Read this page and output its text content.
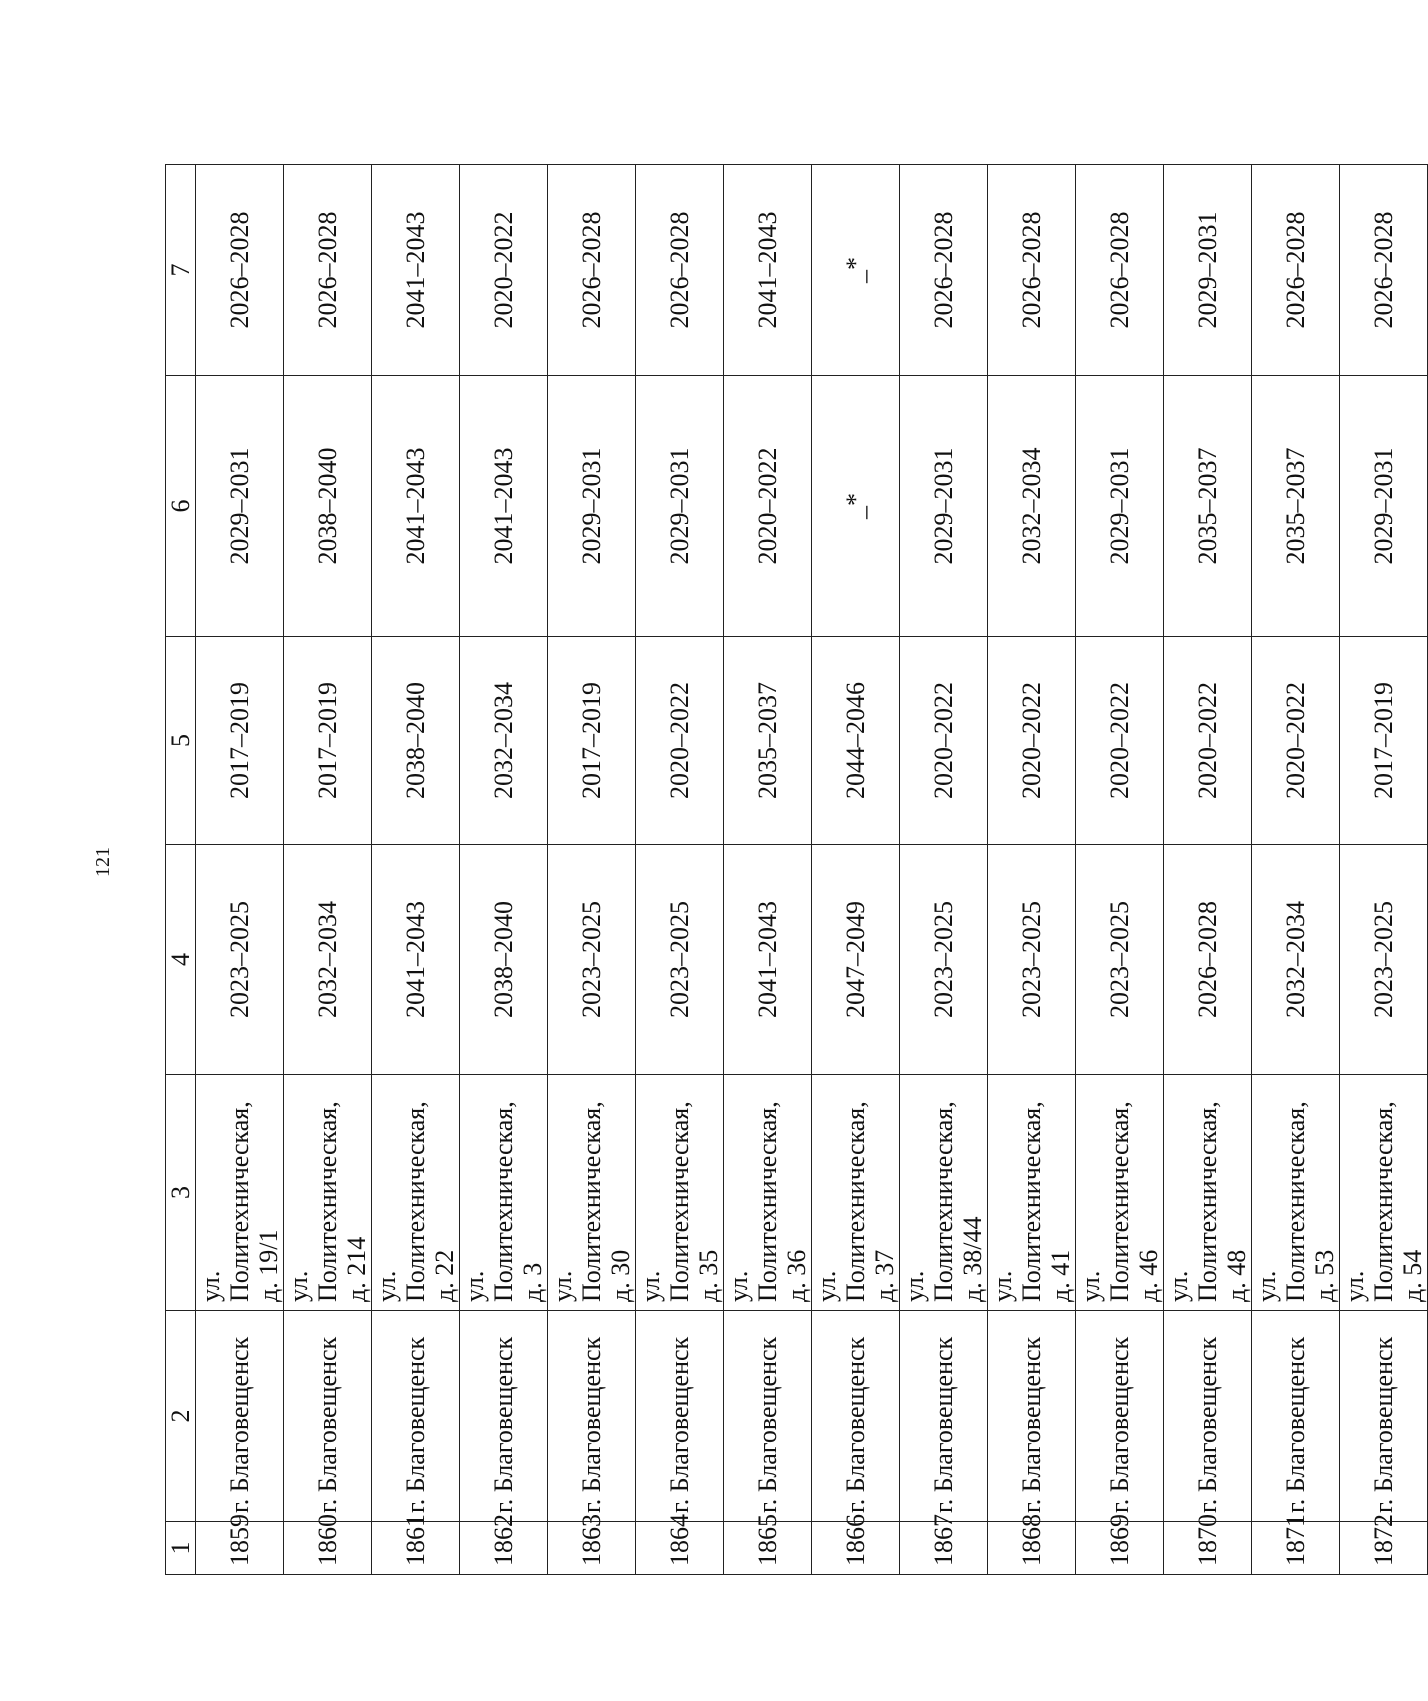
121
1	2	3	4	5	6	7
1859	г. Благовещенск	ул. Политехническая, д. 19/1	2023–2025	2017–2019	2029–2031	2026–2028
1860	г. Благовещенск	ул. Политехническая, д. 214	2032–2034	2017–2019	2038–2040	2026–2028
1861	г. Благовещенск	ул. Политехническая, д. 22	2041–2043	2038–2040	2041–2043	2041–2043
1862	г. Благовещенск	ул. Политехническая, д. 3	2038–2040	2032–2034	2041–2043	2020–2022
1863	г. Благовещенск	ул. Политехническая, д. 30	2023–2025	2017–2019	2029–2031	2026–2028
1864	г. Благовещенск	ул. Политехническая, д. 35	2023–2025	2020–2022	2029–2031	2026–2028
1865	г. Благовещенск	ул. Политехническая, д. 36	2041–2043	2035–2037	2020–2022	2041–2043
1866	г. Благовещенск	ул. Политехническая, д. 37	2047–2049	2044–2046	_*	_*
1867	г. Благовещенск	ул. Политехническая, д. 38/44	2023–2025	2020–2022	2029–2031	2026–2028
1868	г. Благовещенск	ул. Политехническая, д. 41	2023–2025	2020–2022	2032–2034	2026–2028
1869	г. Благовещенск	ул. Политехническая, д. 46	2023–2025	2020–2022	2029–2031	2026–2028
1870	г. Благовещенск	ул. Политехническая, д. 48	2026–2028	2020–2022	2035–2037	2029–2031
1871	г. Благовещенск	ул. Политехническая, д. 53	2032–2034	2020–2022	2035–2037	2026–2028
1872	г. Благовещенск	ул. Политехническая, д. 54	2023–2025	2017–2019	2029–2031	2026–2028
